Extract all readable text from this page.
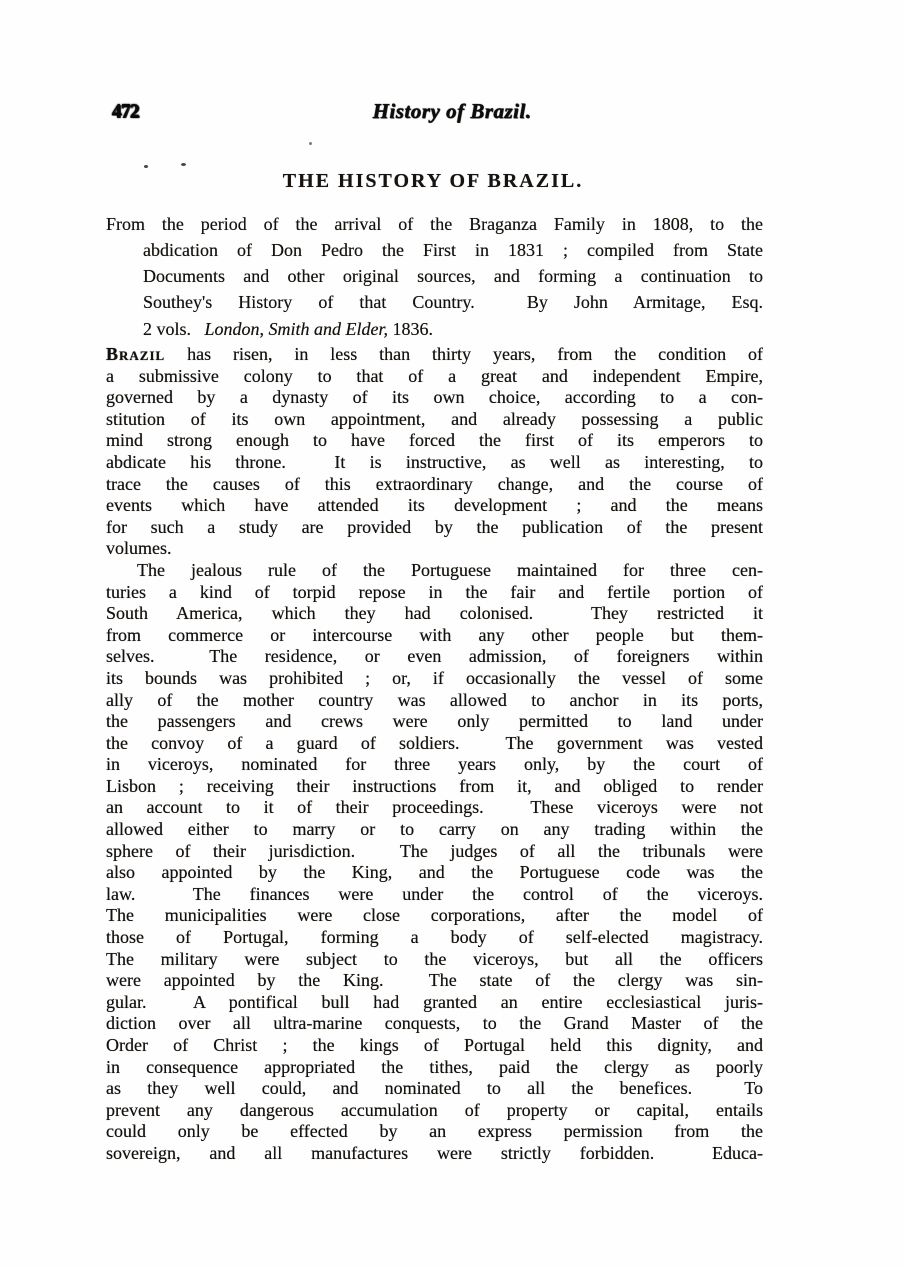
472	History of Brazil.
THE HISTORY OF BRAZIL.
From the period of the arrival of the Braganza Family in 1808, to the
abdication of Don Pedro the First in 1831 ; compiled from State
Documents and other original sources, and forming a continuation to
Southey's History of that Country.  By John Armitage, Esq.
2 vols.   London, Smith and Elder, 1836.
Brazil has risen, in less than thirty years, from the condition of
a submissive colony to that of a great and independent Empire,
governed by a dynasty of its own choice, according to a con-
stitution of its own appointment, and already possessing a public
mind strong enough to have forced the first of its emperors to
abdicate his throne.  It is instructive, as well as interesting, to
trace the causes of this extraordinary change, and the course of
events which have attended its development ; and the means
for such a study are provided by the publication of the present
volumes.
The jealous rule of the Portuguese maintained for three cen-
turies a kind of torpid repose in the fair and fertile portion of
South America, which they had colonised.  They restricted it
from commerce or intercourse with any other people but them-
selves.  The residence, or even admission, of foreigners within
its bounds was prohibited ; or, if occasionally the vessel of some
ally of the mother country was allowed to anchor in its ports,
the passengers and crews were only permitted to land under
the convoy of a guard of soldiers.  The government was vested
in viceroys, nominated for three years only, by the court of
Lisbon ; receiving their instructions from it, and obliged to render
an account to it of their proceedings.  These viceroys were not
allowed either to marry or to carry on any trading within the
sphere of their jurisdiction.  The judges of all the tribunals were
also appointed by the King, and the Portuguese code was the
law.  The finances were under the control of the viceroys.
The municipalities were close corporations, after the model of
those of Portugal, forming a body of self-elected magistracy.
The military were subject to the viceroys, but all the officers
were appointed by the King.  The state of the clergy was sin-
gular.  A pontifical bull had granted an entire ecclesiastical juris-
diction over all ultra-marine conquests, to the Grand Master of the
Order of Christ ; the kings of Portugal held this dignity, and
in consequence appropriated the tithes, paid the clergy as poorly
as they well could, and nominated to all the benefices.  To
prevent any dangerous accumulation of property or capital, entails
could only be effected by an express permission from the
sovereign, and all manufactures were strictly forbidden.  Educa-
